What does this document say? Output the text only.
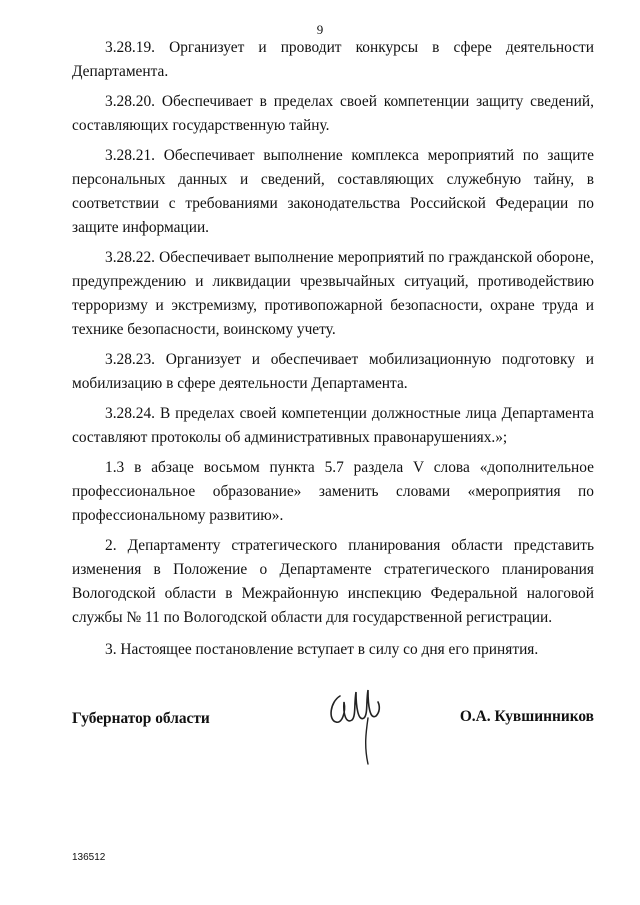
9

3.28.19. Организует и проводит конкурсы в сфере деятельности Департамента.

3.28.20. Обеспечивает в пределах своей компетенции защиту сведений, составляющих государственную тайну.

3.28.21. Обеспечивает выполнение комплекса мероприятий по защите персональных данных и сведений, составляющих служебную тайну, в соответствии с требованиями законодательства Российской Федерации по защите информации.

3.28.22. Обеспечивает выполнение мероприятий по гражданской обороне, предупреждению и ликвидации чрезвычайных ситуаций, противодействию терроризму и экстремизму, противопожарной безопасности, охране труда и технике безопасности, воинскому учету.

3.28.23. Организует и обеспечивает мобилизационную подготовку и мобилизацию в сфере деятельности Департамента.

3.28.24. В пределах своей компетенции должностные лица Департамента составляют протоколы об административных правонарушениях.»;

1.3 в абзаце восьмом пункта 5.7 раздела V слова «дополнительное профессиональное образование» заменить словами «мероприятия по профессиональному развитию».

2. Департаменту стратегического планирования области представить изменения в Положение о Департаменте стратегического планирования Вологодской области в Межрайонную инспекцию Федеральной налоговой службы № 11 по Вологодской области для государственной регистрации.

3. Настоящее постановление вступает в силу со дня его принятия.

Губернатор области	О.А. Кувшинников
136512
